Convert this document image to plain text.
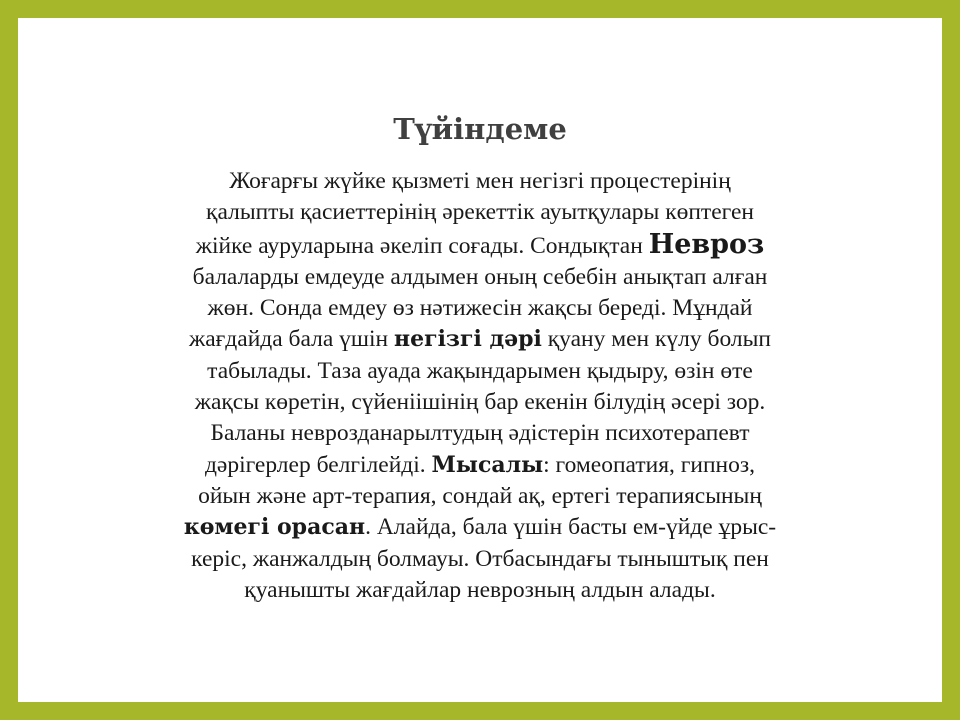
Түйіндеме

Жоғарғы жүйке қызметі мен негізгі процестерінің
қалыпты қасиеттерінің әрекеттік ауытқулары көптеген
жійке ауруларына әкеліп соғады. Сондықтан Невроз
балаларды емдеуде алдымен оның себебін анықтап алған
жөн. Сонда емдеу өз нәтижесін жақсы береді. Мұндай
жағдайда бала үшін негізгі дәрі қуану мен күлу болып
табылады. Таза ауада жақындарымен қыдыру, өзін өте
жақсы көретін, сүйеніішінің бар екенін білудің әсері зор.
Баланы неврозданарылтудың әдістерін психотерапевт
дәрігерлер белгілейді. Мысалы: гомеопатия, гипноз,
ойын және арт-терапия, сондай ақ, ертегі терапиясының
көмегі орасан. Алайда, бала үшін басты ем-үйде ұрыс-
керіс, жанжалдың болмауы. Отбасындағы тыныштық пен
қуанышты жағдайлар неврозның алдын алады.
